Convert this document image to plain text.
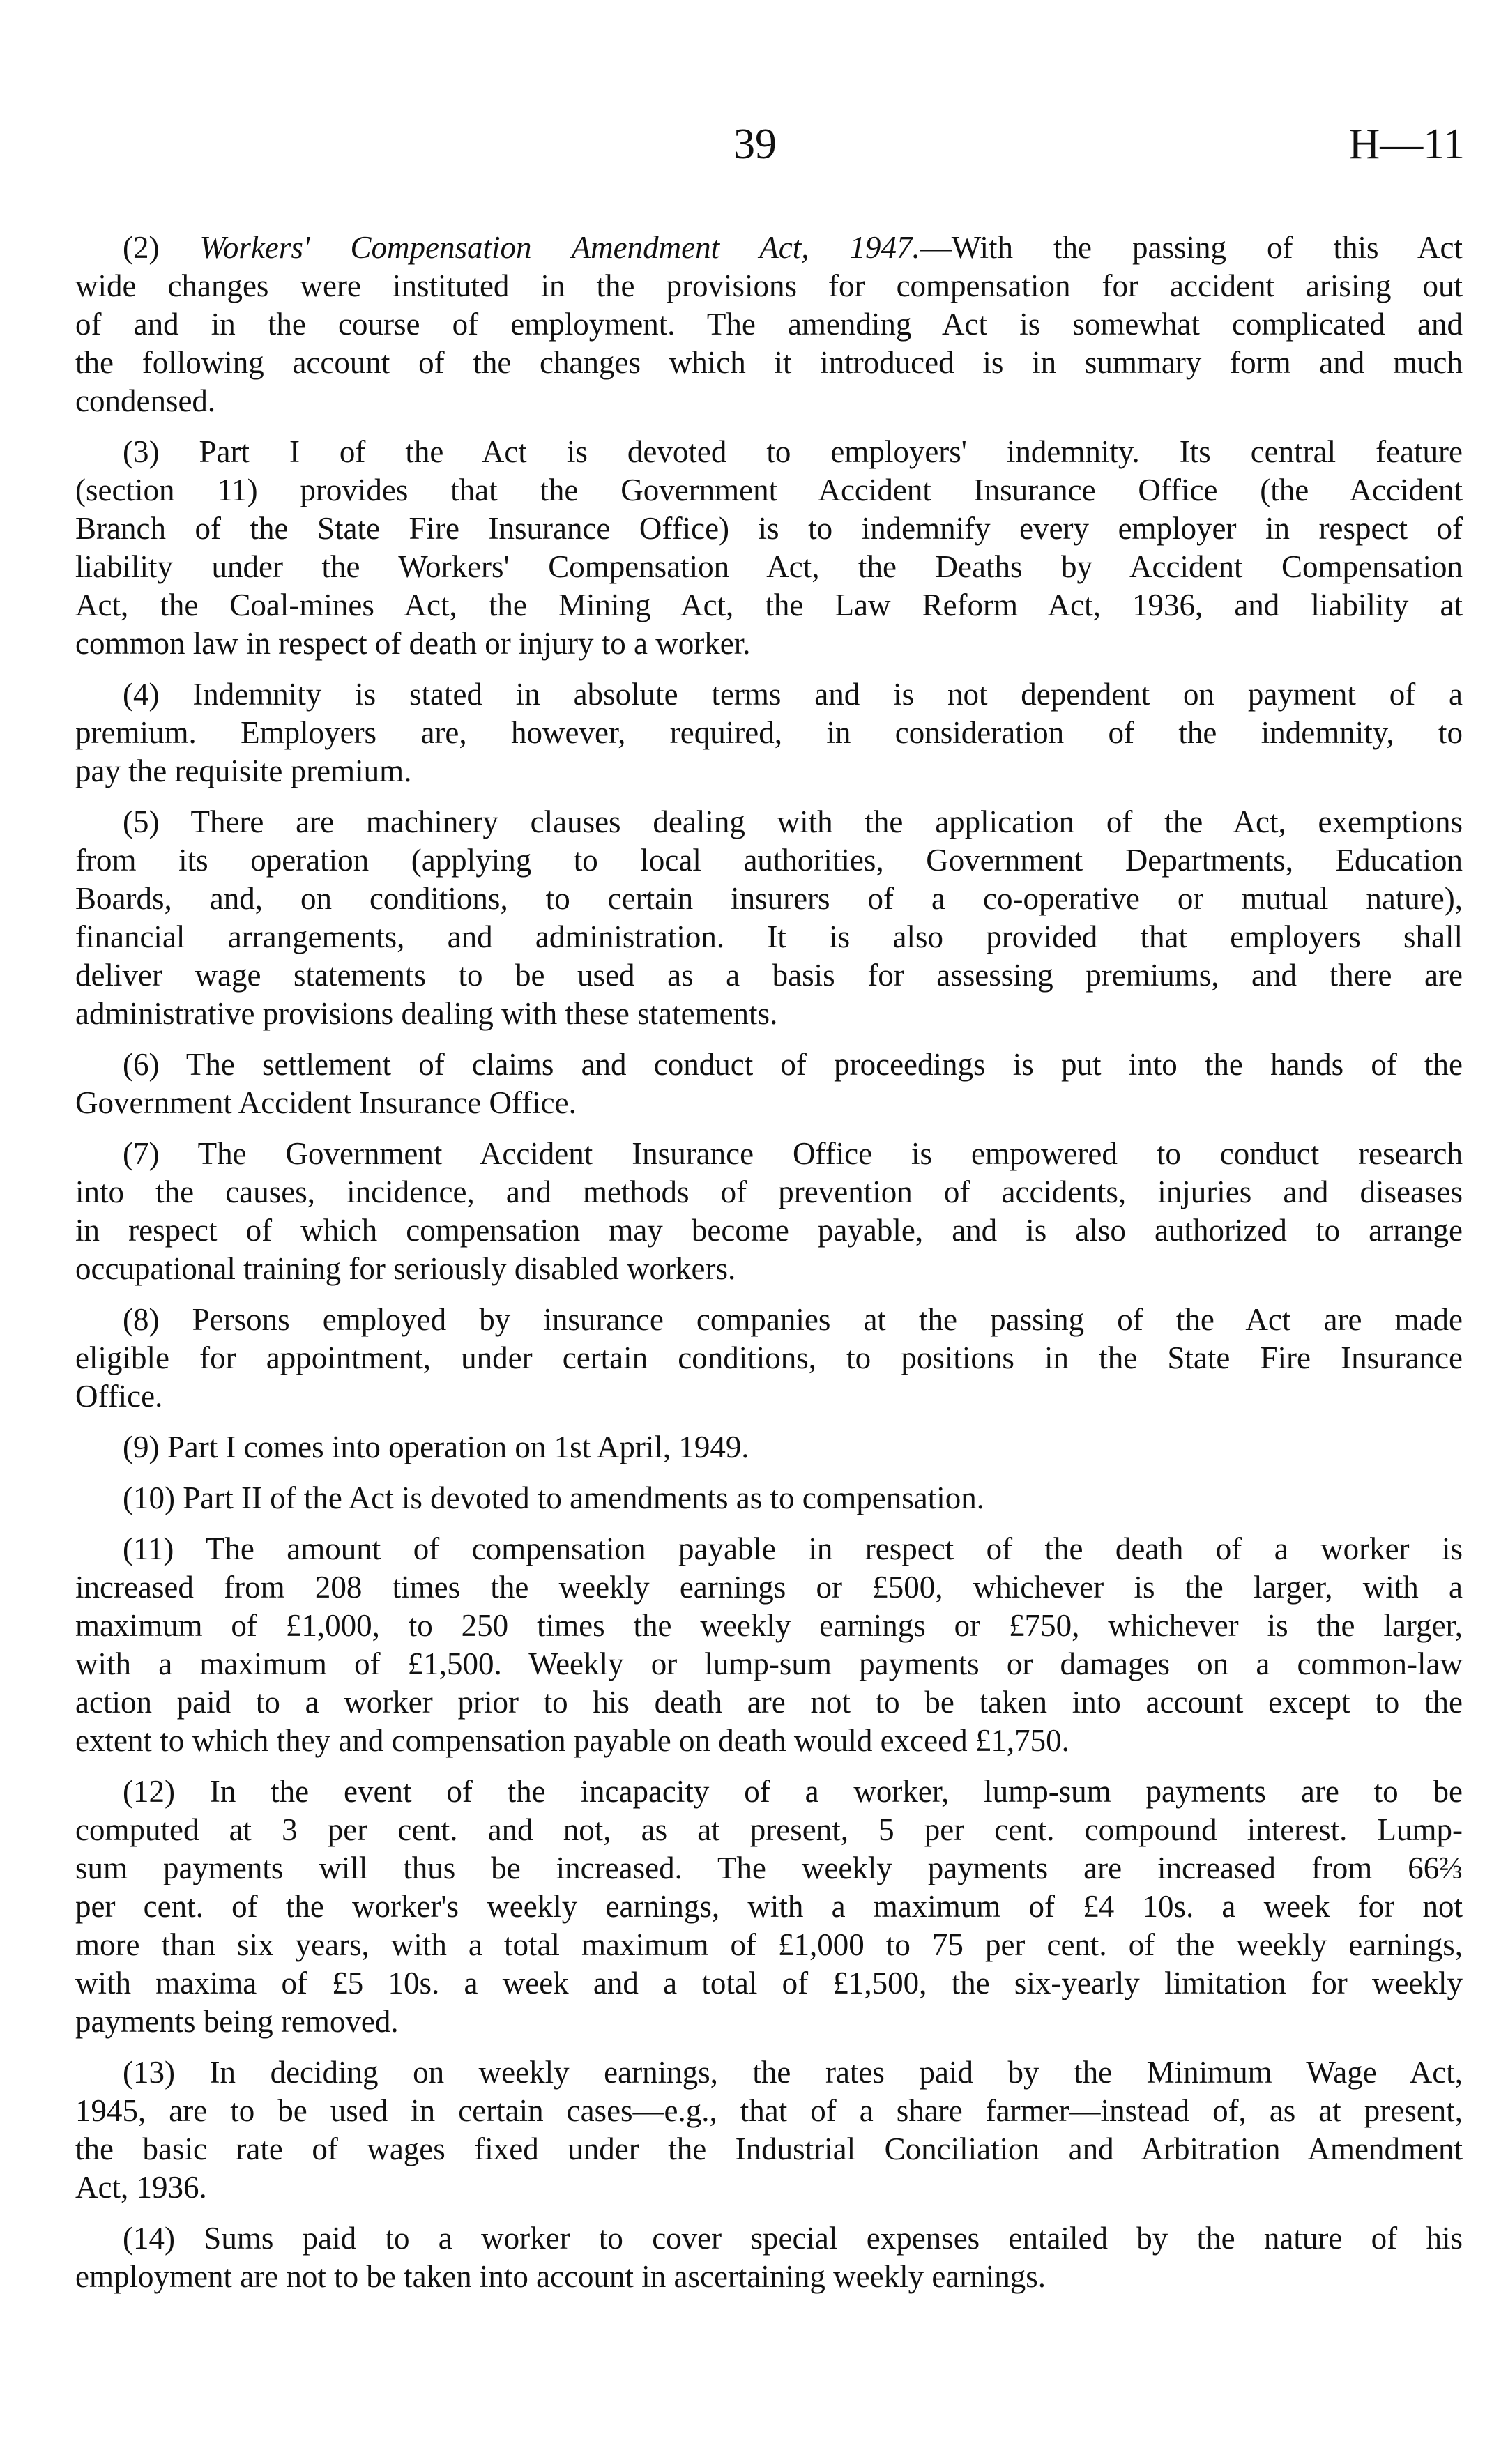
39	H—11
(2) Workers' Compensation Amendment Act, 1947.—With the passing of this Act
wide changes were instituted in the provisions for compensation for accident arising out
of and in the course of employment. The amending Act is somewhat complicated and
the following account of the changes which it introduced is in summary form and much
condensed.
(3) Part I of the Act is devoted to employers' indemnity. Its central feature
(section 11) provides that the Government Accident Insurance Office (the Accident
Branch of the State Fire Insurance Office) is to indemnify every employer in respect of
liability under the Workers' Compensation Act, the Deaths by Accident Compensation
Act, the Coal-mines Act, the Mining Act, the Law Reform Act, 1936, and liability at
common law in respect of death or injury to a worker.
(4) Indemnity is stated in absolute terms and is not dependent on payment of a
premium. Employers are, however, required, in consideration of the indemnity, to
pay the requisite premium.
(5) There are machinery clauses dealing with the application of the Act, exemptions
from its operation (applying to local authorities, Government Departments, Education
Boards, and, on conditions, to certain insurers of a co-operative or mutual nature),
financial arrangements, and administration. It is also provided that employers shall
deliver wage statements to be used as a basis for assessing premiums, and there are
administrative provisions dealing with these statements.
(6) The settlement of claims and conduct of proceedings is put into the hands of the
Government Accident Insurance Office.
(7) The Government Accident Insurance Office is empowered to conduct research
into the causes, incidence, and methods of prevention of accidents, injuries and diseases
in respect of which compensation may become payable, and is also authorized to arrange
occupational training for seriously disabled workers.
(8) Persons employed by insurance companies at the passing of the Act are made
eligible for appointment, under certain conditions, to positions in the State Fire Insurance
Office.
(9) Part I comes into operation on 1st April, 1949.
(10) Part II of the Act is devoted to amendments as to compensation.
(11) The amount of compensation payable in respect of the death of a worker is
increased from 208 times the weekly earnings or £500, whichever is the larger, with a
maximum of £1,000, to 250 times the weekly earnings or £750, whichever is the larger,
with a maximum of £1,500. Weekly or lump-sum payments or damages on a common-law
action paid to a worker prior to his death are not to be taken into account except to the
extent to which they and compensation payable on death would exceed £1,750.
(12) In the event of the incapacity of a worker, lump-sum payments are to be
computed at 3 per cent. and not, as at present, 5 per cent. compound interest. Lump-
sum payments will thus be increased. The weekly payments are increased from 66⅔
per cent. of the worker's weekly earnings, with a maximum of £4 10s. a week for not
more than six years, with a total maximum of £1,000 to 75 per cent. of the weekly earnings,
with maxima of £5 10s. a week and a total of £1,500, the six-yearly limitation for weekly
payments being removed.
(13) In deciding on weekly earnings, the rates paid by the Minimum Wage Act,
1945, are to be used in certain cases—e.g., that of a share farmer—instead of, as at present,
the basic rate of wages fixed under the Industrial Conciliation and Arbitration Amendment
Act, 1936.
(14) Sums paid to a worker to cover special expenses entailed by the nature of his
employment are not to be taken into account in ascertaining weekly earnings.
